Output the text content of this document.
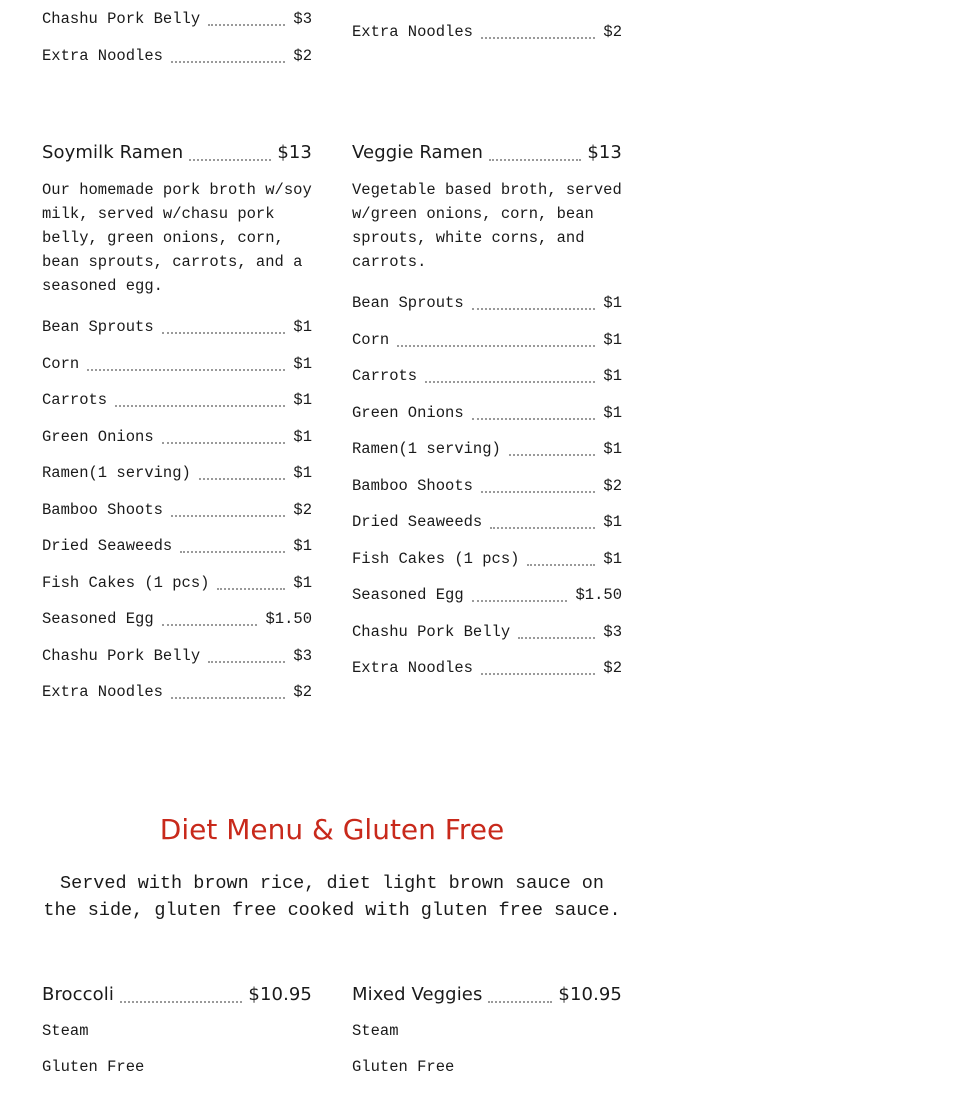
Chashu Pork Belly	$3
Extra Noodles	$2
Extra Noodles	$2
Soymilk Ramen	$13
Our homemade pork broth w/soy milk, served w/chasu pork belly, green onions, corn, bean sprouts, carrots, and a seasoned egg.
Bean Sprouts	$1
Corn	$1
Carrots	$1
Green Onions	$1
Ramen(1 serving)	$1
Bamboo Shoots	$2
Dried Seaweeds	$1
Fish Cakes (1 pcs)	$1
Seasoned Egg	$1.50
Chashu Pork Belly	$3
Extra Noodles	$2
Veggie Ramen	$13
Vegetable based broth, served w/green onions, corn, bean sprouts, white corns, and carrots.
Bean Sprouts	$1
Corn	$1
Carrots	$1
Green Onions	$1
Ramen(1 serving)	$1
Bamboo Shoots	$2
Dried Seaweeds	$1
Fish Cakes (1 pcs)	$1
Seasoned Egg	$1.50
Chashu Pork Belly	$3
Extra Noodles	$2
Diet Menu & Gluten Free
Served with brown rice, diet light brown sauce on the side, gluten free cooked with gluten free sauce.
Broccoli	$10.95
Steam
Gluten Free
Mixed Veggies	$10.95
Steam
Gluten Free
